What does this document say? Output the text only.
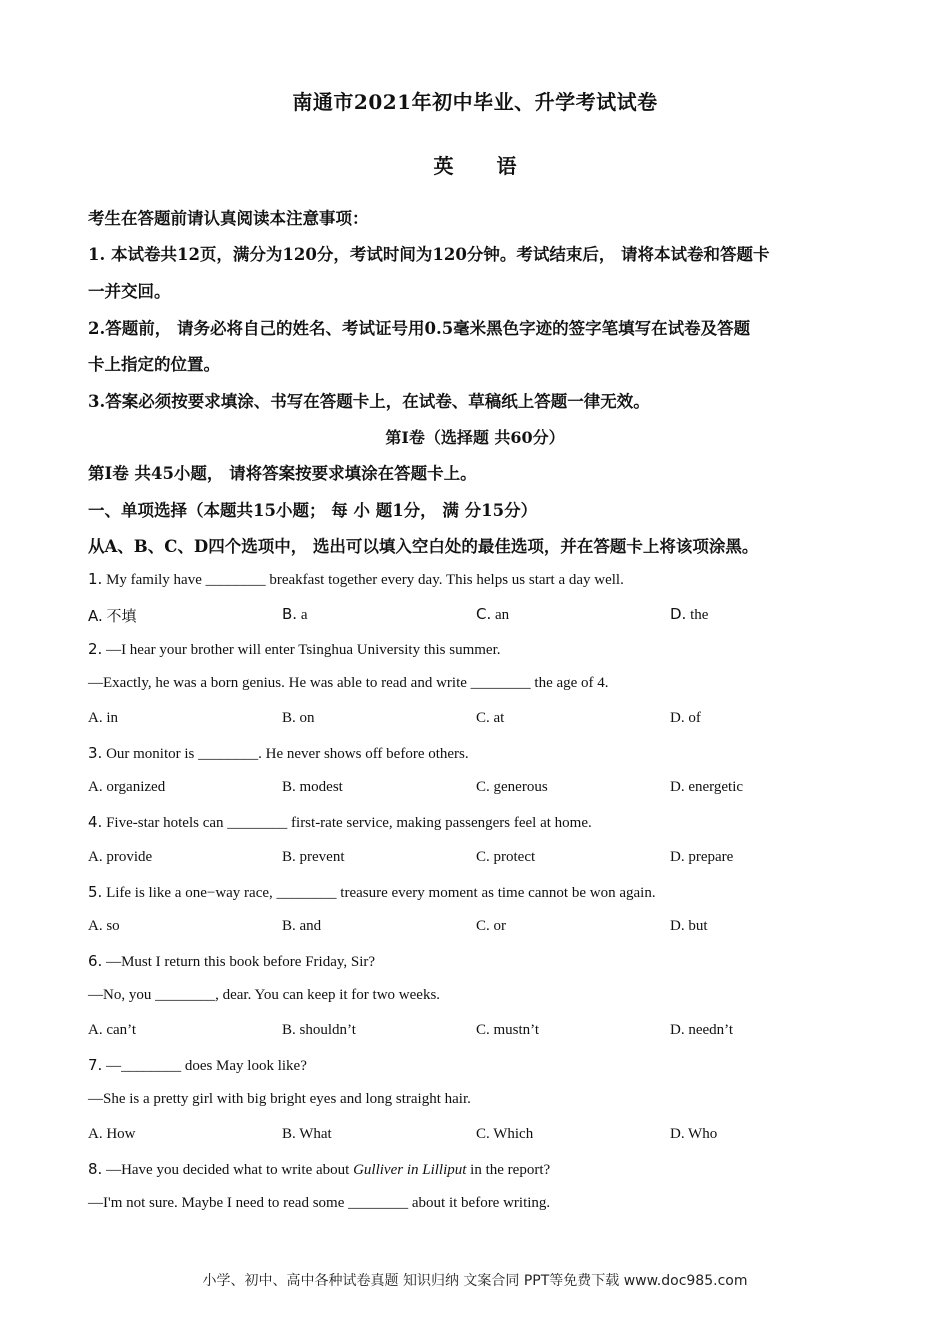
南通市2021年初中毕业、升学考试试卷
英 语
考生在答题前请认真阅读本注意事项：
1. 本试卷共12页，满分为120分，考试时间为120分钟。考试结束后， 请将本试卷和答题卡
一并交回。
2.答题前， 请务必将自己的姓名、考试证号用0.5毫米黑色字迹的签字笔填写在试卷及答题
卡上指定的位置。
3.答案必须按要求填涂、书写在答题卡上，在试卷、草稿纸上答题一律无效。
第I卷（选择题 共60分）
第I卷 共45小题， 请将答案按要求填涂在答题卡上。
一、单项选择（本题共15小题； 每 小 题1分， 满 分15分）
从A、B、C、D四个选项中， 选出可以填入空白处的最佳选项，并在答题卡上将该项涂黑。
1. My family have ________ breakfast together every day. This helps us start a day well.
A. 不填	B. a	C. an	D. the
2. —I hear your brother will enter Tsinghua University this summer.
—Exactly, he was a born genius. He was able to read and write ________ the age of 4.
A. in	B. on	C. at	D. of
3. Our monitor is ________. He never shows off before others.
A. organized	B. modest	C. generous	D. energetic
4. Five-star hotels can ________ first-rate service, making passengers feel at home.
A. provide	B. prevent	C. protect	D. prepare
5. Life is like a one−way race, ________ treasure every moment as time cannot be won again.
A. so	B. and	C. or	D. but
6. —Must I return this book before Friday, Sir?
—No, you ________, dear. You can keep it for two weeks.
A. can’t	B. shouldn’t	C. mustn’t	D. needn’t
7. —________ does May look like?
—She is a pretty girl with big bright eyes and long straight hair.
A. How	B. What	C. Which	D. Who
8. —Have you decided what to write about Gulliver in Lilliput in the report?
—I'm not sure. Maybe I need to read some ________ about it before writing.
小学、初中、高中各种试卷真题 知识归纳 文案合同 PPT等免费下载 www.doc985.com
